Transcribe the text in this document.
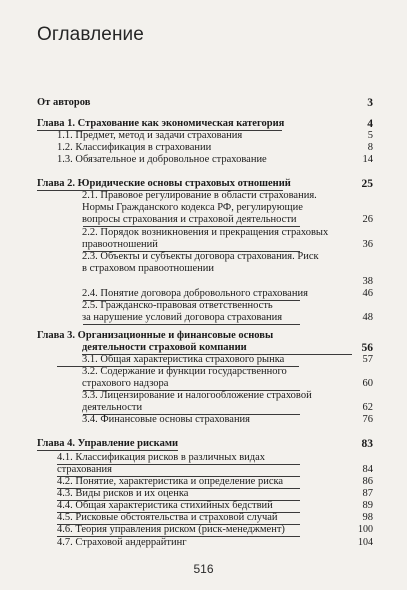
Оглавление
От авторов	3
Глава 1. Страхование как экономическая категория	4
1.1. Предмет, метод и задачи страхования	5
1.2. Классификация в страховании	8
1.3. Обязательное и добровольное страхование	14
Глава 2. Юридические основы страховых отношений	25
2.1. Правовое регулирование в области страхования.
Нормы Гражданского кодекса РФ, регулирующие
вопросы страхования и страховой деятельности	26
2.2. Порядок возникновения и прекращения страховых
правоотношений	36
2.3. Объекты и субъекты договора страхования. Риск
в страховом правоотношении
38
2.4. Понятие договора добровольного страхования	46
2.5. Гражданско-правовая ответственность
за нарушение условий договора страхования	48
Глава 3. Организационные и финансовые основы
деятельности страховой компании	56
3.1. Общая характеристика страхового рынка	57
3.2. Содержание и функции государственного
страхового надзора	60
3.3. Лицензирование и налогообложение страховой
деятельности	62
3.4. Финансовые основы страхования	76
Глава 4. Управление рисками	83
4.1. Классификация рисков в различных видах
страхования	84
4.2. Понятие, характеристика и определение риска	86
4.3. Виды рисков и их оценка	87
4.4. Общая характеристика стихийных бедствий	89
4.5. Рисковые обстоятельства и страховой случай	98
4.6. Теория управления риском (риск-менеджмент)	100
4.7. Страховой андеррайтинг	104
516
